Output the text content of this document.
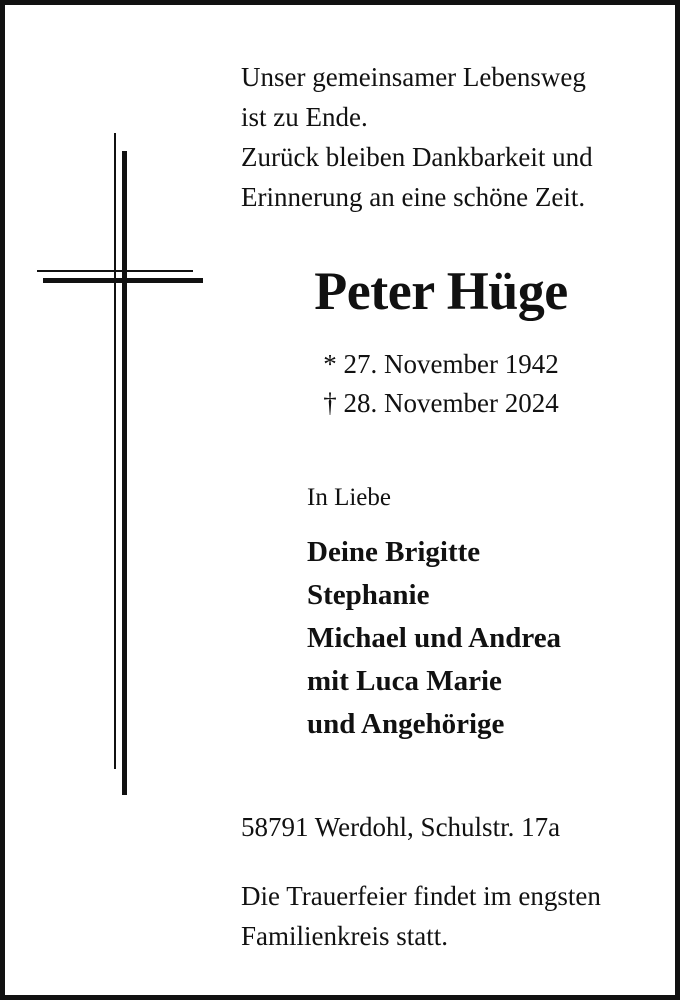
Unser gemeinsamer Lebensweg
ist zu Ende.
Zurück bleiben Dankbarkeit und
Erinnerung an eine schöne Zeit.

Peter Hüge

* 27. November 1942
† 28. November 2024

In Liebe

Deine Brigitte
Stephanie
Michael und Andrea
mit Luca Marie
und Angehörige

58791 Werdohl, Schulstr. 17a

Die Trauerfeier findet im engsten
Familienkreis statt.
